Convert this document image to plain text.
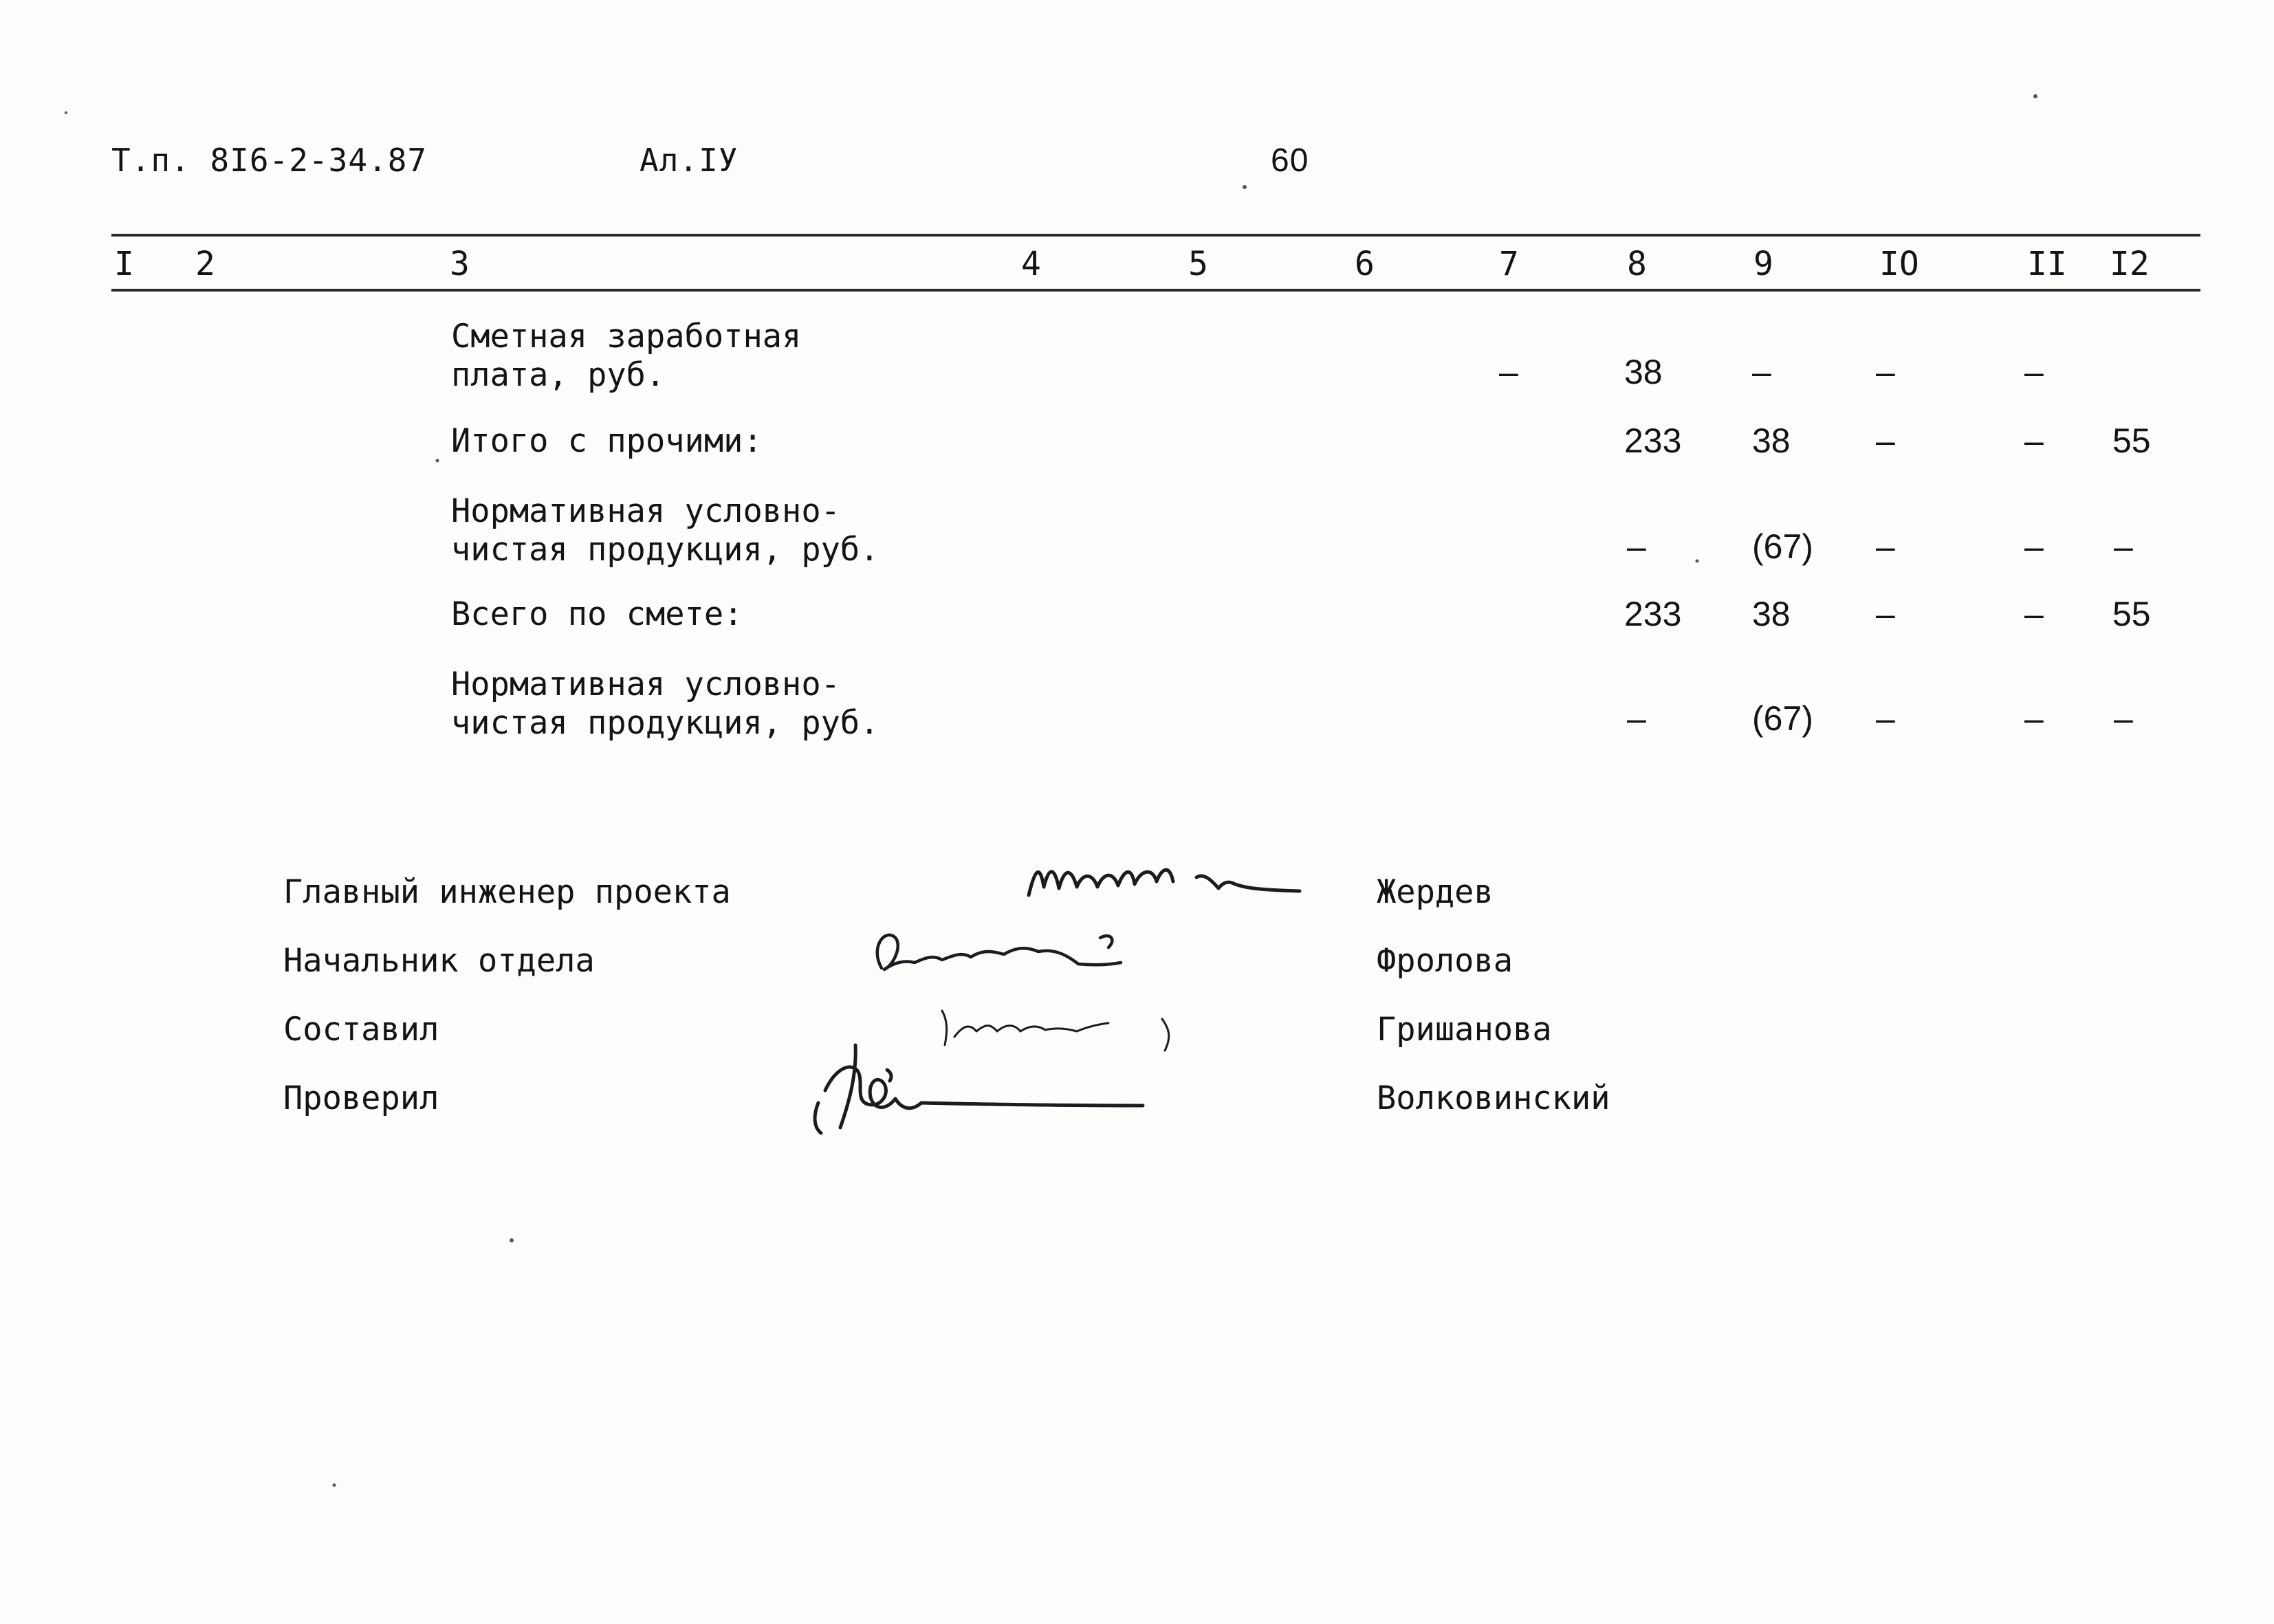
Т.п. 8I6-2-34.87	Ал.IУ	60
I 2	3	4	5	6	7	8	9	IO	II I2
Сметная заработная
плата, руб.	–	38	–	–	–
Итого с прочими:	233 38 –	– 55
Нормативная условно-
чистая продукция, руб.	–	(67) –	– –
Всего по смете:	233 38 –	– 55
Нормативная условно-
чистая продукция, руб.	–	(67) –	– –
Главный инженер проекта	Жердев
Начальник отдела	Фролова
Составил	Гришанова
Проверил	Волковинский
